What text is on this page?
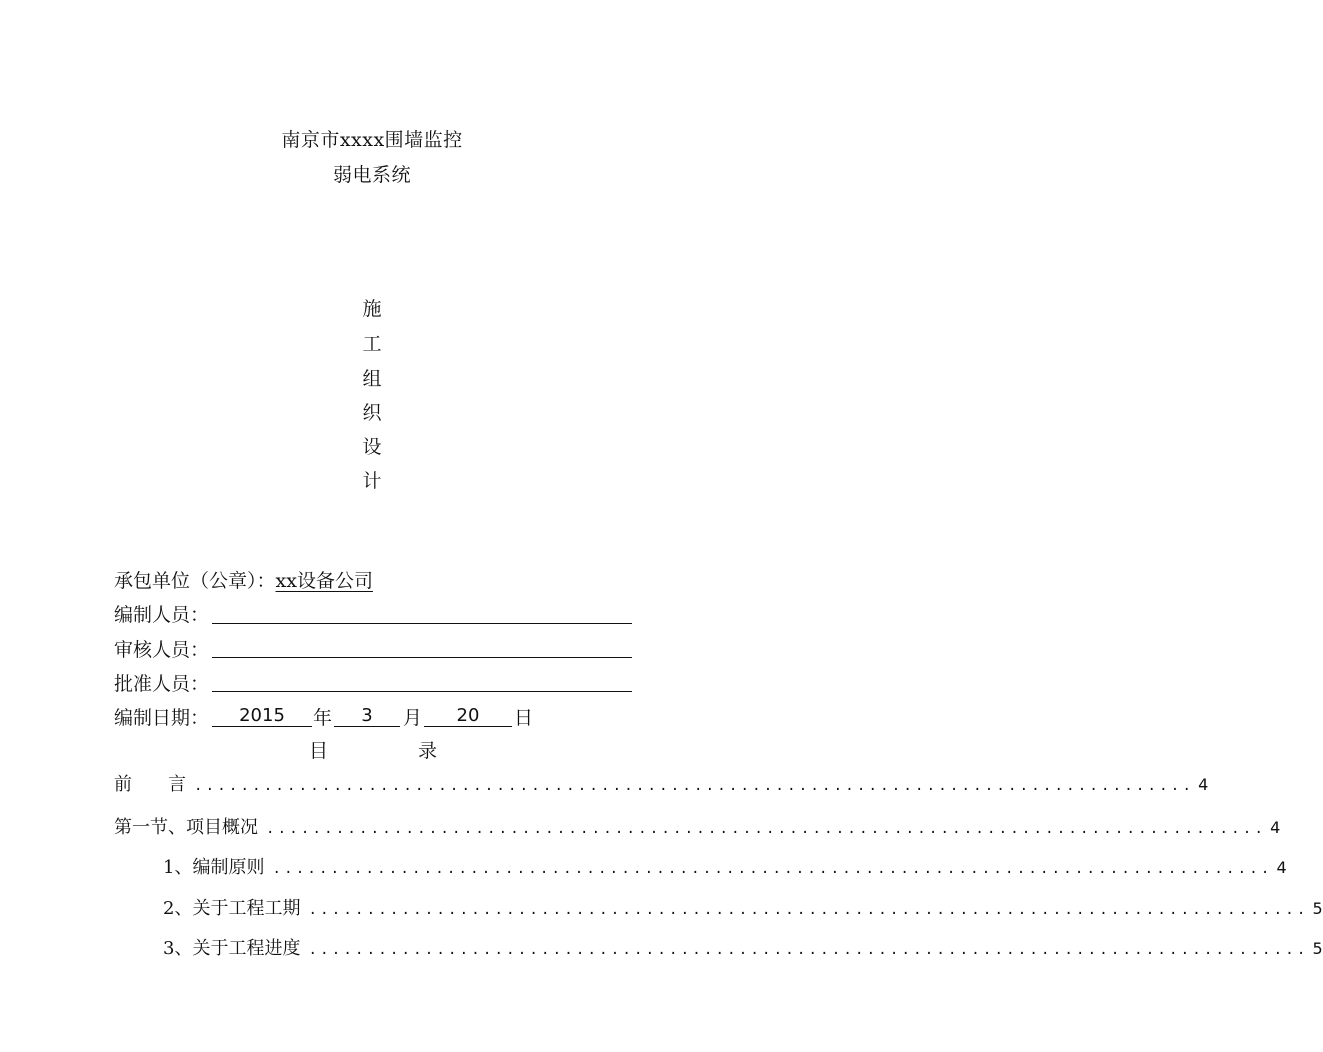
南京市xxxx围墙监控
弱电系统
施
工
组
织
设
计
承包单位（公章）：xx设备公司
编制人员：
审核人员：
批准人员：
编制日期：	2015	年	3	月	20	日
目	录
前　　言 ...................................................................................... 4
第一节、项目概况 ...................................................................................... 4
1、编制原则 ...................................................................................... 4
2、关于工程工期 ...................................................................................... 5
3、关于工程进度 ...................................................................................... 5
